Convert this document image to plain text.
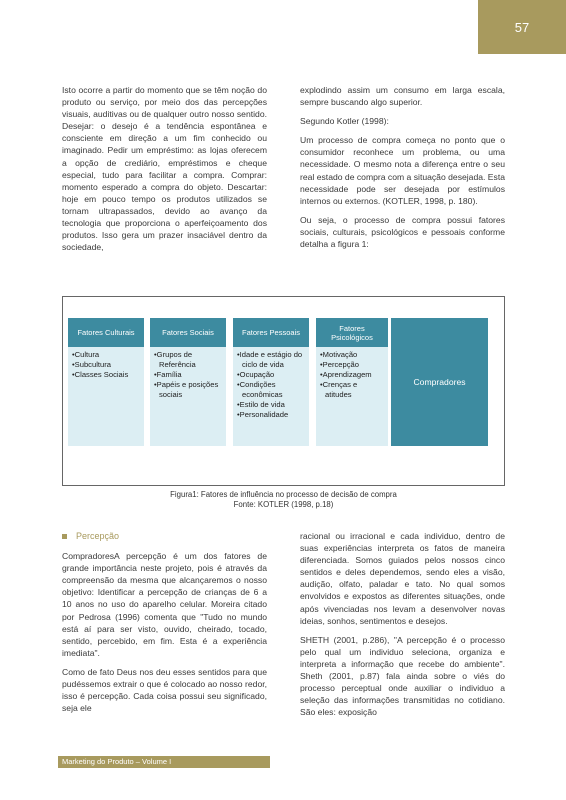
57

Isto ocorre a partir do momento que se têm noção do produto ou serviço, por meio dos das percepções visuais, auditivas ou de qualquer outro nosso sentido. Desejar: o desejo é a tendência espontânea e consciente em direção a um fim conhecido ou imaginado. Pedir um empréstimo: as lojas oferecem a opção de crediário, empréstimos e cheque especial, tudo para facilitar a compra. Comprar: momento esperado a compra do objeto. Descartar: hoje em pouco tempo os produtos utilizados se tornam ultrapassados, devido ao avanço da tecnologia que proporciona o aperfeiçoamento dos produtos. Isso gera um prazer insaciável dentro da sociedade,

explodindo assim um consumo em larga escala, sempre buscando algo superior.

Segundo Kotler (1998):

Um processo de compra começa no ponto que o consumidor reconhece um problema, ou uma necessidade. O mesmo nota a diferença entre o seu real estado de compra com a situação desejada. Esta necessidade pode ser desejada por estímulos internos ou externos. (KOTLER, 1998, p. 180).

Ou seja, o processo de compra possui fatores sociais, culturais, psicológicos e pessoais conforme detalha a figura 1:

Fatores Culturais
•Cultura
•Subcultura
•Classes Sociais
Fatores Sociais
•Grupos de Referência
•Família
•Papéis e posições sociais
Fatores Pessoais
•Idade e estágio do ciclo de vida
•Ocupação
•Condições econômicas
•Estilo de vida
•Personalidade
Fatores Psicológicos
•Motivação
•Percepção
•Aprendizagem
•Crenças e atitudes
Compradores
Figura1: Fatores de influência no processo de decisão de compra
Fonte: KOTLER (1998, p.18)
Percepção

CompradoresA percepção é um dos fatores de grande importância neste projeto, pois é através da compreensão da mesma que alcançaremos o nosso objetivo: Identificar a percepção de crianças de 6 a 10 anos no uso do aparelho celular. Moreira citado por Pedrosa (1996) comenta que "Tudo no mundo está aí para ser visto, ouvido, cheirado, tocado, sentido, percebido, em fim. Esta é a experiência imediata".

Como de fato Deus nos deu esses sentidos para que pudéssemos extrair o que é colocado ao nosso redor, isso é percepção. Cada coisa possui seu significado, seja ele

racional ou irracional e cada individuo, dentro de suas experiências interpreta os fatos de maneira diferenciada. Somos guiados pelos nossos cinco sentidos e deles dependemos, sendo eles a visão, audição, olfato, paladar e tato. No qual somos envolvidos e expostos as diferentes situações, onde após vivenciadas nos levam a desenvolver novas ideias, sonhos, sentimentos e desejos.

SHETH (2001, p.286), "A percepção é o processo pelo qual um individuo seleciona, organiza e interpreta a informação que recebe do ambiente". Sheth (2001, p.87) fala ainda sobre o viés do processo perceptual onde auxiliar o individuo a seleção das informações transmitidas no cotidiano. São eles: exposição

Marketing do Produto – Volume I
